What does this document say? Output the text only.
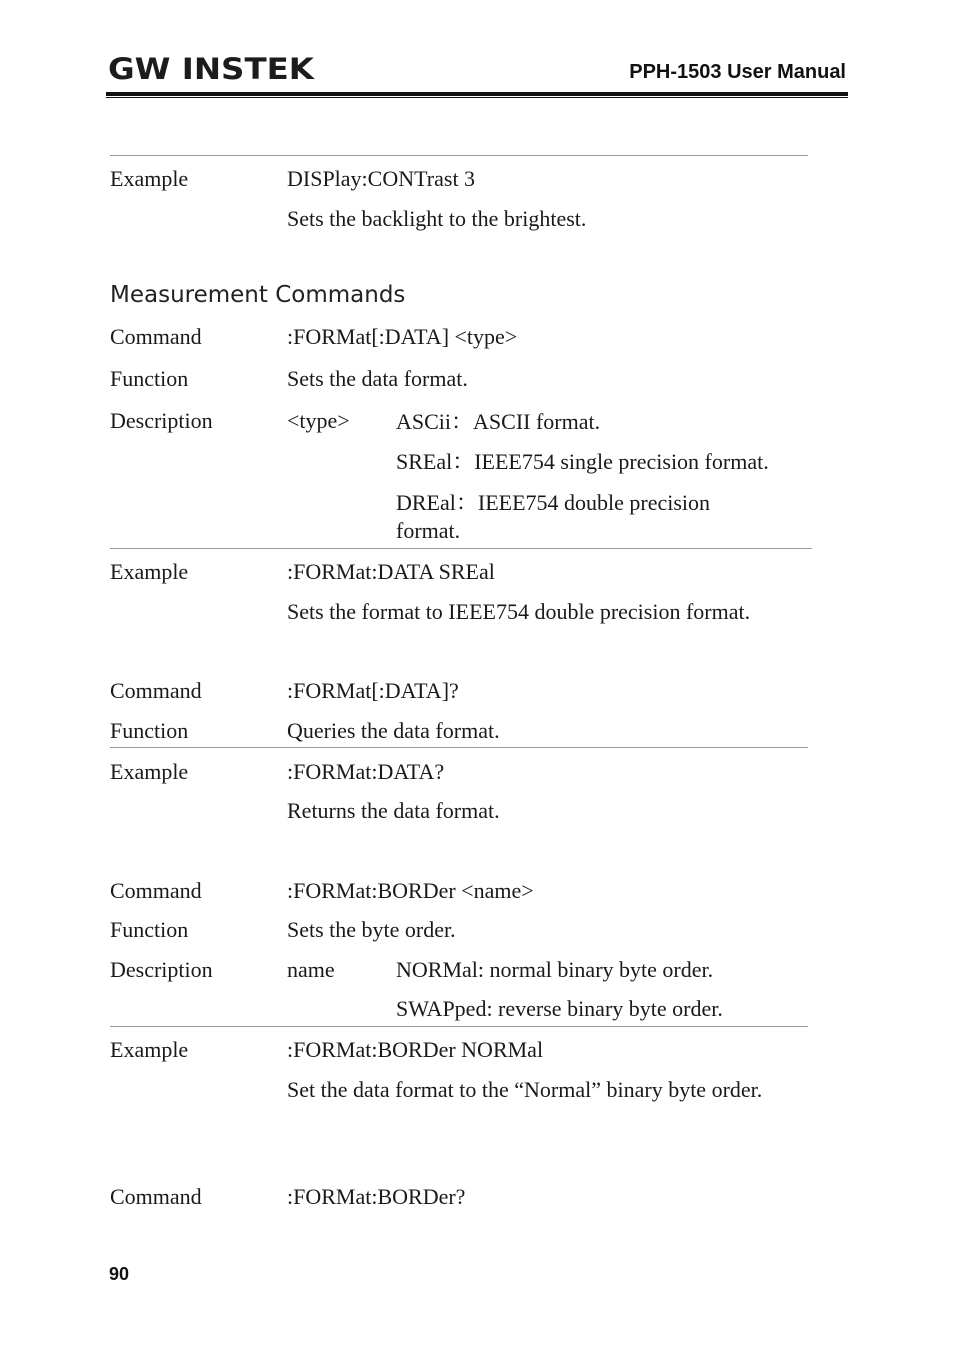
GW INSTEK	PPH-1503 User Manual
Example	DISPlay:CONTrast 3
Sets the backlight to the brightest.
Measurement Commands
Command	:FORMat[:DATA] <type>
Function	Sets the data format.
Description	<type> ASCii：ASCII format.
SREal：IEEE754 single precision format.
DREal：IEEE754 double precision format.
Example	:FORMat:DATA SREal
Sets the format to IEEE754 double precision format.
Command	:FORMat[:DATA]?
Function	Queries the data format.
Example	:FORMat:DATA?
Returns the data format.
Command	:FORMat:BORDer <name>
Function	Sets the byte order.
Description	name	NORMal: normal binary byte order.
SWAPped: reverse binary byte order.
Example	:FORMat:BORDer NORMal
Set the data format to the “Normal” binary byte order.
Command	:FORMat:BORDer?
90
